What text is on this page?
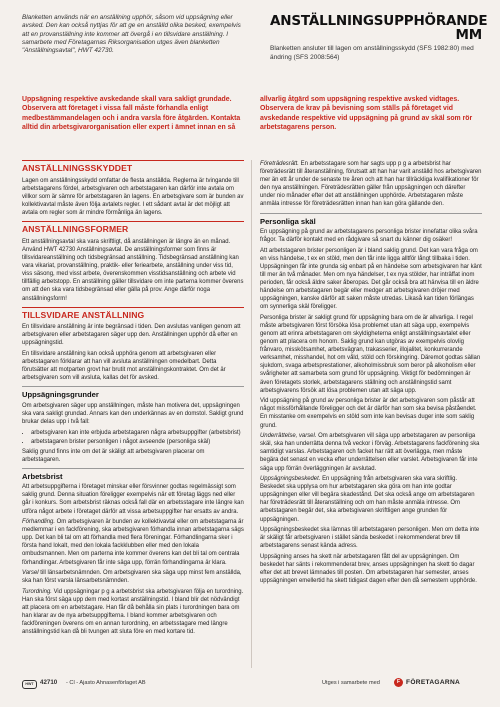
Blanketten används när en anställning upphör, såsom vid uppsägning eller avsked. Den kan också nyttjas för att ge en anställd olika besked, exempelvis att en provanställning inte kommer att övergå i en tillsvidare anställning. I samarbete med Företagarnas Riksorganisation utges även blanketten "Anställningsavtal", HWT 42730.
ANSTÄLLNINGSUPPHÖRANDE MM
Blanketten ansluter till lagen om anställningsskydd (SFS 1982:80) med ändring (SFS 2008:564)
Uppsägning respektive avskedande skall vara sakligt grundade. Observera att företaget i vissa fall måste förhandla enligt medbestämmandelagen och i andra varsla före åtgärden. Kontakta alltid din arbetsgivarorganisation eller expert i ämnet innan en så
allvarlig åtgärd som uppsägning respektive avsked vidtages. Observera de krav på bevisning som ställs på företaget vid avskedande respektive vid uppsägning på grund av skäl som rör arbetstagarens person.
ANSTÄLLNINGSSKYDDET

Lagen om anställningsskydd omfattar de flesta anställda. Reglerna är tvingande till arbetstagarens fördel, arbetsgivaren och arbetstagaren kan därför inte avtala om villkor som är sämre för arbetstagaren än lagens. En arbetsgivare som är bunden av kollektivavtal måste även följa avtalets regler. I ett sådant avtal är det möjligt att avtala om regler som är mindre förmånliga än lagens.

ANSTÄLLNINGSFORMER

Ett anställningsavtal ska vara skriftligt, då anställningen är längre än en månad. Använd HWT 42730 Anställningsavtal. De anställningsformer som finns är tillsvidareanställning och tidsbegränsad anställning. Tidsbegränsad anställning kan vara vikariat, provanställning, praktik- eller feriearbete, anställning under viss tid, viss säsong, med visst arbete, överenskommen visstidsanställning och arbete vid tillfällig arbetstopp. En anställning gäller tillsvidare om inte parterna kommer överens om att den ska vara tidsbegränsad eller gälla på prov. Ange därför noga anställningsform!

TILLSVIDARE ANSTÄLLNING

En tillsvidare anställning är inte begränsad i tiden. Den avslutas vanligen genom att arbetsgivaren eller arbetstagaren säger upp den. Anställningen upphör då efter en uppsägningstid.

En tillsvidare anställning kan också upphöra genom att arbetsgivaren eller arbetstagaren förklarar att han vill avsluta anställningen omedelbart. Detta förutsätter att motparten grovt har brutit mot anställningskontraktet. Om det är arbetsgivaren som vill avsluta, kallas det för avsked.

Uppsägningsgrunder

Om arbetsgivaren säger upp anställningen, måste han motivera det, uppsägningen ska vara sakligt grundad. Annars kan den underkännas av en domstol. Sakligt grund brukar delas upp i två fall:

• arbetsgivaren kan inte erbjuda arbetstagaren några arbetsuppgifter (arbetsbrist)
• arbetstagaren brister personligen i något avseende (personliga skäl)

Saklig grund finns inte om det är skäligt att arbetsgivaren placerar om arbetstagaren.

Arbetsbrist

Att arbetsuppgifterna i företaget minskar eller försvinner godtas regelmässigt som saklig grund. Denna situation föreligger exempelvis när ett företag läggs ned eller går i konkurs. Som arbetsbrist räknas också fall där en arbetsstagare inte längre kan utföra något arbete i företaget därför att vissa arbetsuppgifter har ersatts av andra.

Förhandling. Om arbetsgivaren är bunden av kollektivavtal eller om arbetstagarna är medlemmar i en fackförening, ska arbetsgivaren förhandla innan arbetstagarna sägs upp. Det kan bli tal om att förhandla med flera föreningar. Förhandlingarna sker i första hand lokalt, med den lokala fackklubben eller med den lokala ombudsmannen. Men om parterna inte kommer överens kan det bli tal om centrala förhandlingar. Arbetsgivaren får inte säga upp, förrän förhandlingarna är klara.

Varsel till länsarbetsnämnden. Om arbetsgivaren ska säga upp minst fem anställda, ska han först varsla länsarbetsnämnden.

Turordning. Vid uppsägningar p g a arbetsbrist ska arbetsgivaren följa en turordning. Han ska först säga upp dem med kortast anställningstid. I bland blir det nödvändigt att placera om en arbetstagare. Han får då behålla sin plats i turordningen bara om han klarar av de nya arbetsuppgifterna. I bland kommer arbetsgivaren och fackföreningen överens om en annan turordning, en arbetsstagare med längre anställningstid kan då bli tvungen att sluta före en med kortare tid.

Företrädesrätt. En arbetsstagare som har sagts upp p g a arbetsbrist har företrädesrätt till återanställning, förutsatt att han har varit anställd hos arbetsgivaren mer än ett år under de senaste tre åren och att han har tillräckliga kvalifikationer för den nya anställningen. Företrädesrätten gäller från uppsägningen och därefter under nio månader efter det att anställningen upphörde. Arbetstagaren måste anmäla intresse för företrädesrätten innan han kan göra gällande den.

Personliga skäl

En uppsägning på grund av arbetstagarens personliga brister innefattar olika svåra frågor. Ta därför kontakt med en rådgivare så snart du känner dig osäker!

Att arbetstagaren brister personligen är i bland saklig grund. Det kan vara fråga om en viss händelse, t ex en stöld, men den får inte ligga alltför långt tillbaka i tiden. Uppsägningen får inte grunda sig enbart på en händelse som arbetsgivaren har känt till mer än två månader. Men om nya händelser, t ex nya stölder, har inträffat inom perioden, får också äldre saker åberopas. Det går också bra att hänvisa till en äldre händelse om arbetstagaren begär eller medger att arbetsgivaren dröjer med uppsägningen, kanske därför att saken måste utredas. Likaså kan tiden förlängas om synnerliga skäl föreligger.

Personliga brister är sakligt grund för uppsägning bara om de är allvarliga. I regel måste arbetsgivaren först försöka lösa problemet utan att säga upp, exempelvis genom att erinra arbetstagaren om skyldigheterna enligt anställningsavtalet eller genom att placera om honom. Saklig grund kan utgöras av exempelvis olovlig frånvaro, misskötsamhet, arbetsvägran, trakasserier, illojalitet, konkurrerande verksamhet, misshandel, hot om våld, stöld och förskingring. Däremot godtas sällan sjukdom, svaga arbetsprestationer, alkoholmissbruk som beror på alkoholism eller svårigheter att samarbeta som grund för uppsägning. Viktigt för bedömningen är även företagets storlek, arbetstagarens ställning och anställningstid samt arbetsgivarens försök att lösa problemen utan att säga upp.

Vid uppsägning på grund av personliga brister är det arbetsgivaren som påstår att något missförhållande föreligger och det är därför han som ska bevisa påståendet. En misstanke om exempelvis en stöld som inte kan bevisas duger inte som saklig grund.

Underrättelse, varsel. Om arbetsgivaren vill säga upp arbetstagaren av personliga skäl, ska han underrätta denna två veckor i förväg. Arbetstagarens fackförening ska samtidigt varslas. Arbetstagaren och facket har rätt att överlägga, men måste begära det senast en vecka efter underrättelsen eller varslet. Arbetsgivaren får inte säga upp förrän överläggningen är avslutad.

Uppsägningsbeskedet. En uppsägning från arbetsgivaren ska vara skriftlig. Beskedet ska upplysa om hur arbetstagaren ska göra om han inte godtar uppsägningen eller vill begära skadestånd. Det ska också ange om arbetstagaren har företrädesrätt till återanställning och om han måste anmäla intresse. Om arbetstagaren begär det, ska arbetsgivaren skriftligen ange grunden för uppsägningen.

Uppsägningsbeskedet ska lämnas till arbetstagaren personligen. Men om detta inte är skäligt får arbetsgivaren i stället sända beskedet i rekommenderat brev till arbetstagarens senast kända adress.

Uppsägning anses ha skett när arbetstagaren fått del av uppsägningen. Om beskedet har sänts i rekommenderat brev, anses uppsägningen ha skett tio dagar efter det att brevet lämnades till posten. Om arbetstagaren har semester, anses uppsägningen emellertid ha skett tidigast dagen efter den då semestern upphörde.

HWT	42710 - Cl - Ajasto Ahnasenförlaget AB	Utges i samarbete med	F FÖRETAGARNA
